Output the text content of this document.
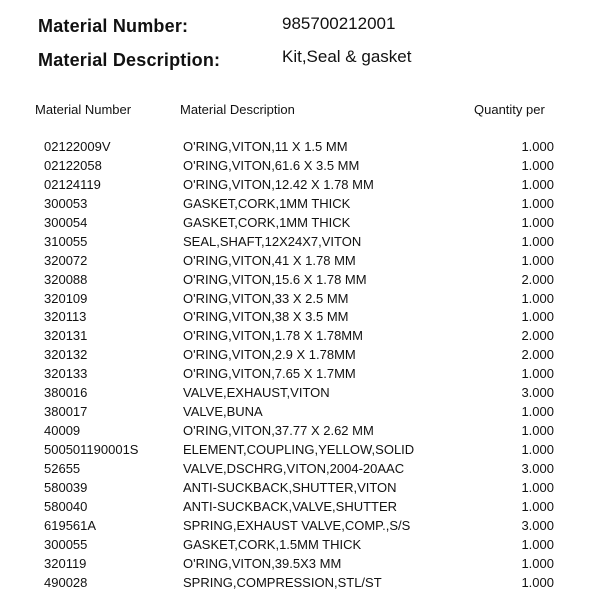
Material Number:	985700212001
Material Description:	Kit,Seal & gasket
Material Number	Material Description	Quantity per
02122009V	O'RING,VITON,11 X 1.5 MM	1.000
02122058	O'RING,VITON,61.6 X 3.5 MM	1.000
02124119	O'RING,VITON,12.42 X 1.78 MM	1.000
300053	GASKET,CORK,1MM THICK	1.000
300054	GASKET,CORK,1MM THICK	1.000
310055	SEAL,SHAFT,12X24X7,VITON	1.000
320072	O'RING,VITON,41 X 1.78 MM	1.000
320088	O'RING,VITON,15.6 X 1.78 MM	2.000
320109	O'RING,VITON,33 X 2.5 MM	1.000
320113	O'RING,VITON,38 X 3.5 MM	1.000
320131	O'RING,VITON,1.78 X 1.78MM	2.000
320132	O'RING,VITON,2.9 X 1.78MM	2.000
320133	O'RING,VITON,7.65 X 1.7MM	1.000
380016	VALVE,EXHAUST,VITON	3.000
380017	VALVE,BUNA	1.000
40009	O'RING,VITON,37.77 X 2.62 MM	1.000
500501190001S	ELEMENT,COUPLING,YELLOW,SOLID	1.000
52655	VALVE,DSCHRG,VITON,2004-20AAC	3.000
580039	ANTI-SUCKBACK,SHUTTER,VITON	1.000
580040	ANTI-SUCKBACK,VALVE,SHUTTER	1.000
619561A	SPRING,EXHAUST VALVE,COMP.,S/S	3.000
300055	GASKET,CORK,1.5MM THICK	1.000
320119	O'RING,VITON,39.5X3 MM	1.000
490028	SPRING,COMPRESSION,STL/ST	1.000
